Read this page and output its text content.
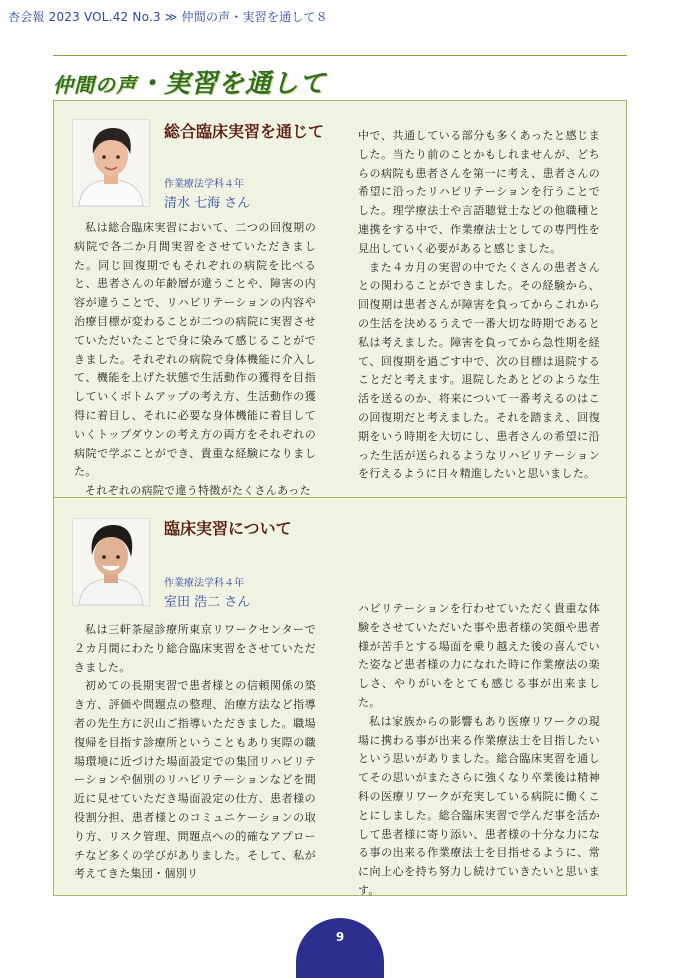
杏会報 2023 VOL.42 No.3 ≫ 仲間の声・実習を通して８
仲間の声・実習を通して
総合臨床実習を通じて
作業療法学科４年
清水 七海 さん

私は総合臨床実習において、二つの回復期の病院で各二か月間実習をさせていただきました。同じ回復期でもそれぞれの病院を比べると、患者さんの年齢層が違うことや、障害の内容が違うことで、リハビリテーションの内容や治療目標が変わることが二つの病院に実習させていただいたことで身に染みて感じることができました。それぞれの病院で身体機能に介入して、機能を上げた状態で生活動作の獲得を目指していくボトムアップの考え方、生活動作の獲得に着目し、それに必要な身体機能に着目していくトップダウンの考え方の両方をそれぞれの病院で学ぶことができ、貴重な経験になりました。

それぞれの病院で違う特徴がたくさんあった

中で、共通している部分も多くあったと感じました。当たり前のことかもしれませんが、どちらの病院も患者さんを第一に考え、患者さんの希望に沿ったリハビリテーションを行うことでした。理学療法士や言語聴覚士などの他職種と連携をする中で、作業療法士としての専門性を見出していく必要があると感じました。

また４カ月の実習の中でたくさんの患者さんとの関わることができました。その経験から、回復期は患者さんが障害を負ってからこれからの生活を決めるうえで一番大切な時期であると私は考えました。障害を負ってから急性期を経て、回復期を過ごす中で、次の目標は退院することだと考えます。退院したあとどのような生活を送るのか、将来について一番考えるのはこの回復期だと考えました。それを踏まえ、回復期をいう時期を大切にし、患者さんの希望に沿った生活が送られるようなリハビリテーションを行えるように日々精進したいと思いました。

臨床実習について
作業療法学科４年
室田 浩二 さん

私は三軒茶屋診療所東京リワークセンターで２カ月間にわたり総合臨床実習をさせていただきました。

初めての長期実習で患者様との信頼関係の築き方、評価や問題点の整理、治療方法など指導者の先生方に沢山ご指導いただきました。職場復帰を目指す診療所ということもあり実際の職場環境に近づけた場面設定での集団リハビリテーションや個別のリハビリテーションなどを間近に見せていただき場面設定の仕方、患者様の役割分担、患者様とのコミュニケーションの取り方、リスク管理、問題点への的確なアプローチなど多くの学びがありました。そして、私が考えてきた集団・個別リ

ハビリテーションを行わせていただく貴重な体験をさせていただいた事や患者様の笑顔や患者様が苦手とする場面を乗り越えた後の喜んでいた姿など患者様の力になれた時に作業療法の楽しさ、やりがいをとても感じる事が出来ました。

私は家族からの影響もあり医療リワークの現場に携わる事が出来る作業療法士を目指したいという思いがありました。総合臨床実習を通してその思いがまたさらに強くなり卒業後は精神科の医療リワークが充実している病院に働くことにしました。総合臨床実習で学んだ事を活かして患者様に寄り添い、患者様の十分な力になる事の出来る作業療法士を目指せるように、常に向上心を持ち努力し続けていきたいと思います。

9
